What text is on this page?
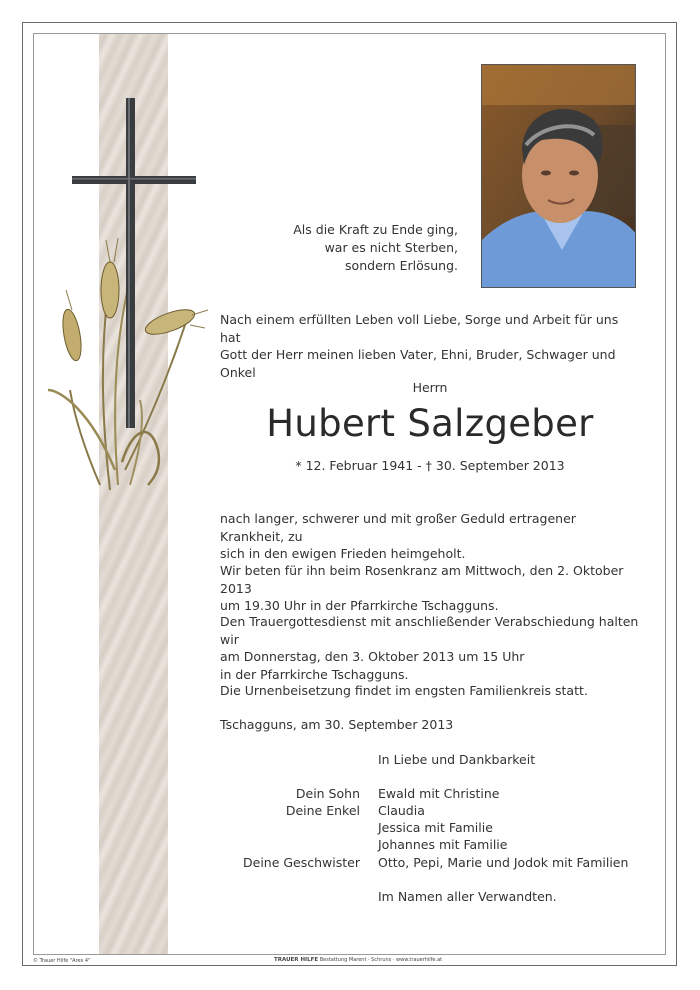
Als die Kraft zu Ende ging,
war es nicht Sterben,
sondern Erlösung.
Nach einem erfüllten Leben voll Liebe, Sorge und Arbeit für uns hat
Gott der Herr meinen lieben Vater, Ehni, Bruder, Schwager und Onkel
Herrn
Hubert Salzgeber
* 12. Februar 1941 - † 30. September 2013
nach langer, schwerer und mit großer Geduld ertragener Krankheit, zu
sich in den ewigen Frieden heimgeholt.
Wir beten für ihn beim Rosenkranz am Mittwoch, den 2. Oktober 2013
um 19.30 Uhr in der Pfarrkirche Tschagguns.
Den Trauergottesdienst mit anschließender Verabschiedung halten wir
am Donnerstag, den 3. Oktober 2013 um 15 Uhr
in der Pfarrkirche Tschagguns.
Die Urnenbeisetzung findet im engsten Familienkreis statt.
Tschagguns, am 30. September 2013
In Liebe und Dankbarkeit
Dein Sohn Ewald mit Christine
Deine Enkel Claudia
Jessica mit Familie
Johannes mit Familie
Deine Geschwister Otto, Pepi, Marie und Jodok mit Familien
Im Namen aller Verwandten.
© Trauer Hilfe "Ares 4"	TRAUER HILFE Bestattung Marent · Schruns · www.trauerhilfe.at
